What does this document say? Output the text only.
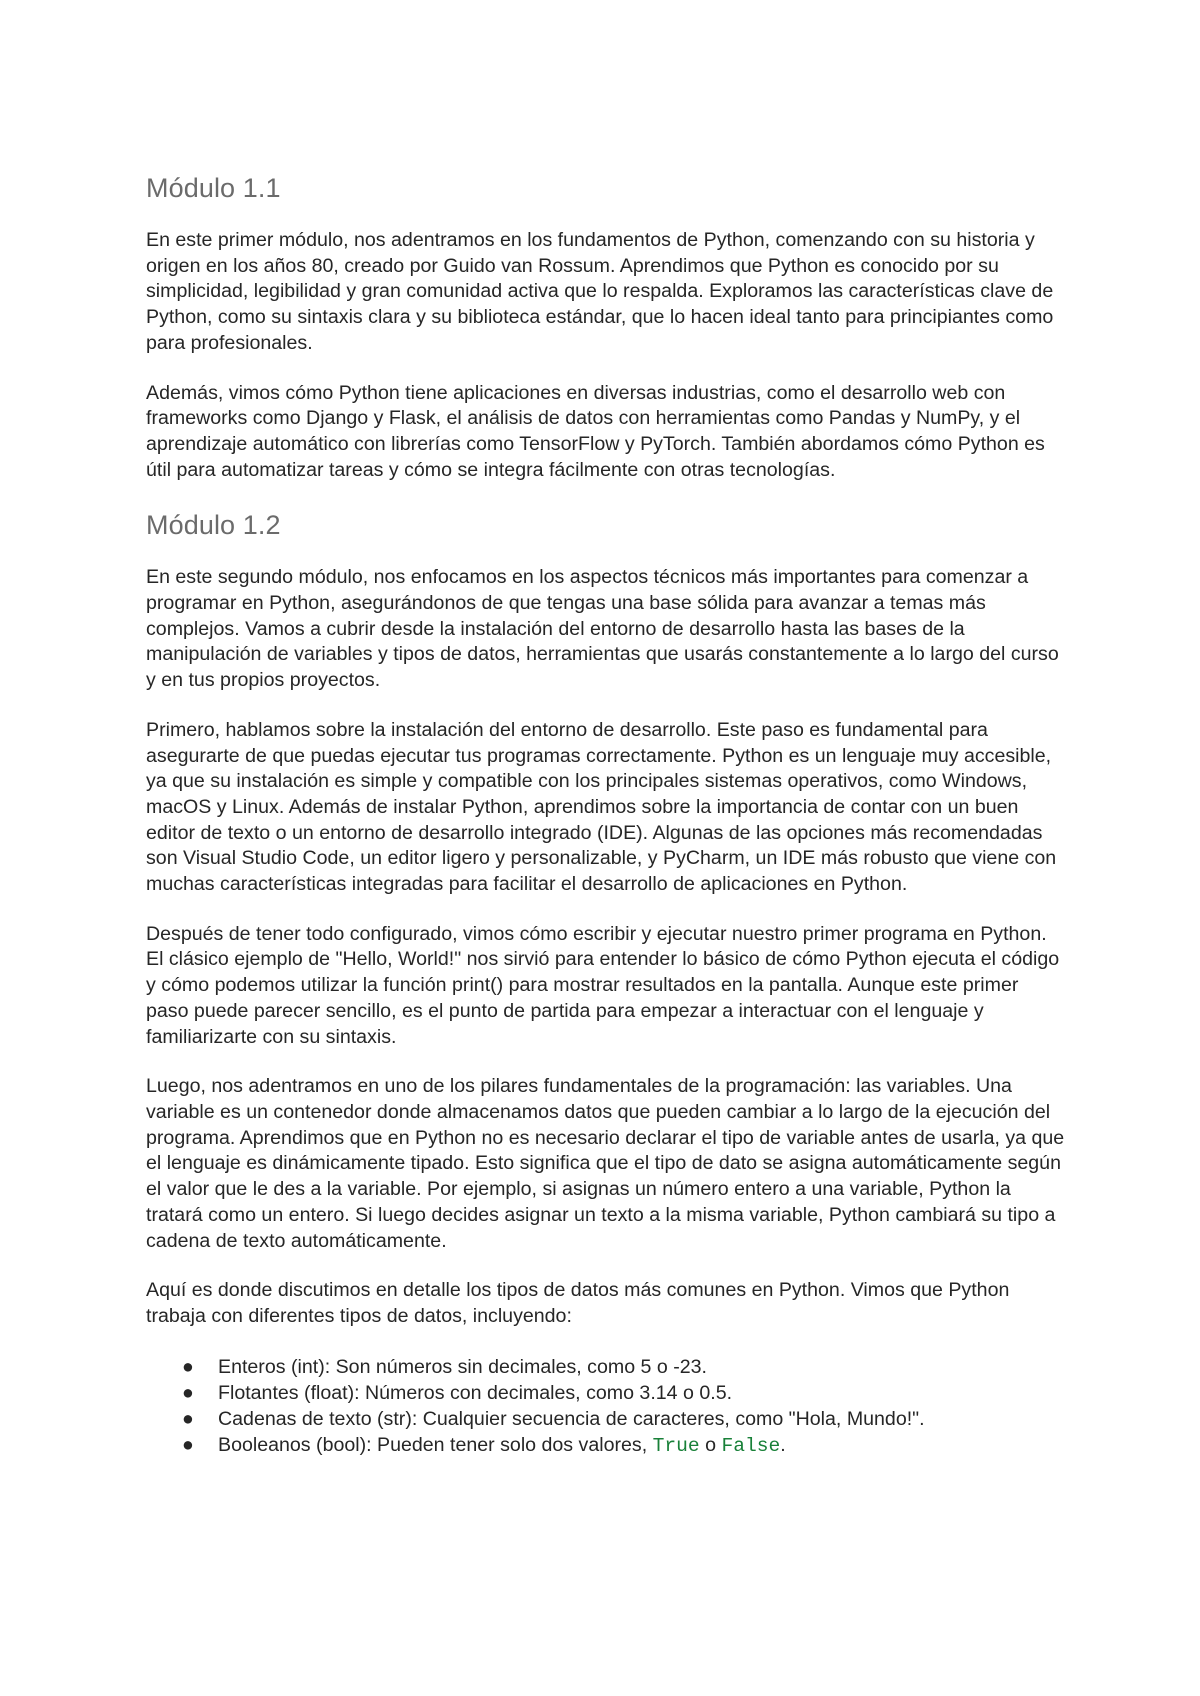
Módulo 1.1

En este primer módulo, nos adentramos en los fundamentos de Python, comenzando con su historia y origen en los años 80, creado por Guido van Rossum. Aprendimos que Python es conocido por su simplicidad, legibilidad y gran comunidad activa que lo respalda. Exploramos las características clave de Python, como su sintaxis clara y su biblioteca estándar, que lo hacen ideal tanto para principiantes como para profesionales.

Además, vimos cómo Python tiene aplicaciones en diversas industrias, como el desarrollo web con frameworks como Django y Flask, el análisis de datos con herramientas como Pandas y NumPy, y el aprendizaje automático con librerías como TensorFlow y PyTorch. También abordamos cómo Python es útil para automatizar tareas y cómo se integra fácilmente con otras tecnologías.

Módulo 1.2

En este segundo módulo, nos enfocamos en los aspectos técnicos más importantes para comenzar a programar en Python, asegurándonos de que tengas una base sólida para avanzar a temas más complejos. Vamos a cubrir desde la instalación del entorno de desarrollo hasta las bases de la manipulación de variables y tipos de datos, herramientas que usarás constantemente a lo largo del curso y en tus propios proyectos.

Primero, hablamos sobre la instalación del entorno de desarrollo. Este paso es fundamental para asegurarte de que puedas ejecutar tus programas correctamente. Python es un lenguaje muy accesible, ya que su instalación es simple y compatible con los principales sistemas operativos, como Windows, macOS y Linux. Además de instalar Python, aprendimos sobre la importancia de contar con un buen editor de texto o un entorno de desarrollo integrado (IDE). Algunas de las opciones más recomendadas son Visual Studio Code, un editor ligero y personalizable, y PyCharm, un IDE más robusto que viene con muchas características integradas para facilitar el desarrollo de aplicaciones en Python.

Después de tener todo configurado, vimos cómo escribir y ejecutar nuestro primer programa en Python. El clásico ejemplo de "Hello, World!" nos sirvió para entender lo básico de cómo Python ejecuta el código y cómo podemos utilizar la función print() para mostrar resultados en la pantalla. Aunque este primer paso puede parecer sencillo, es el punto de partida para empezar a interactuar con el lenguaje y familiarizarte con su sintaxis.

Luego, nos adentramos en uno de los pilares fundamentales de la programación: las variables. Una variable es un contenedor donde almacenamos datos que pueden cambiar a lo largo de la ejecución del programa. Aprendimos que en Python no es necesario declarar el tipo de variable antes de usarla, ya que el lenguaje es dinámicamente tipado. Esto significa que el tipo de dato se asigna automáticamente según el valor que le des a la variable. Por ejemplo, si asignas un número entero a una variable, Python la tratará como un entero. Si luego decides asignar un texto a la misma variable, Python cambiará su tipo a cadena de texto automáticamente.

Aquí es donde discutimos en detalle los tipos de datos más comunes en Python. Vimos que Python trabaja con diferentes tipos de datos, incluyendo:

● Enteros (int): Son números sin decimales, como 5 o -23.
● Flotantes (float): Números con decimales, como 3.14 o 0.5.
● Cadenas de texto (str): Cualquier secuencia de caracteres, como "Hola, Mundo!".
● Booleanos (bool): Pueden tener solo dos valores, True o False.
